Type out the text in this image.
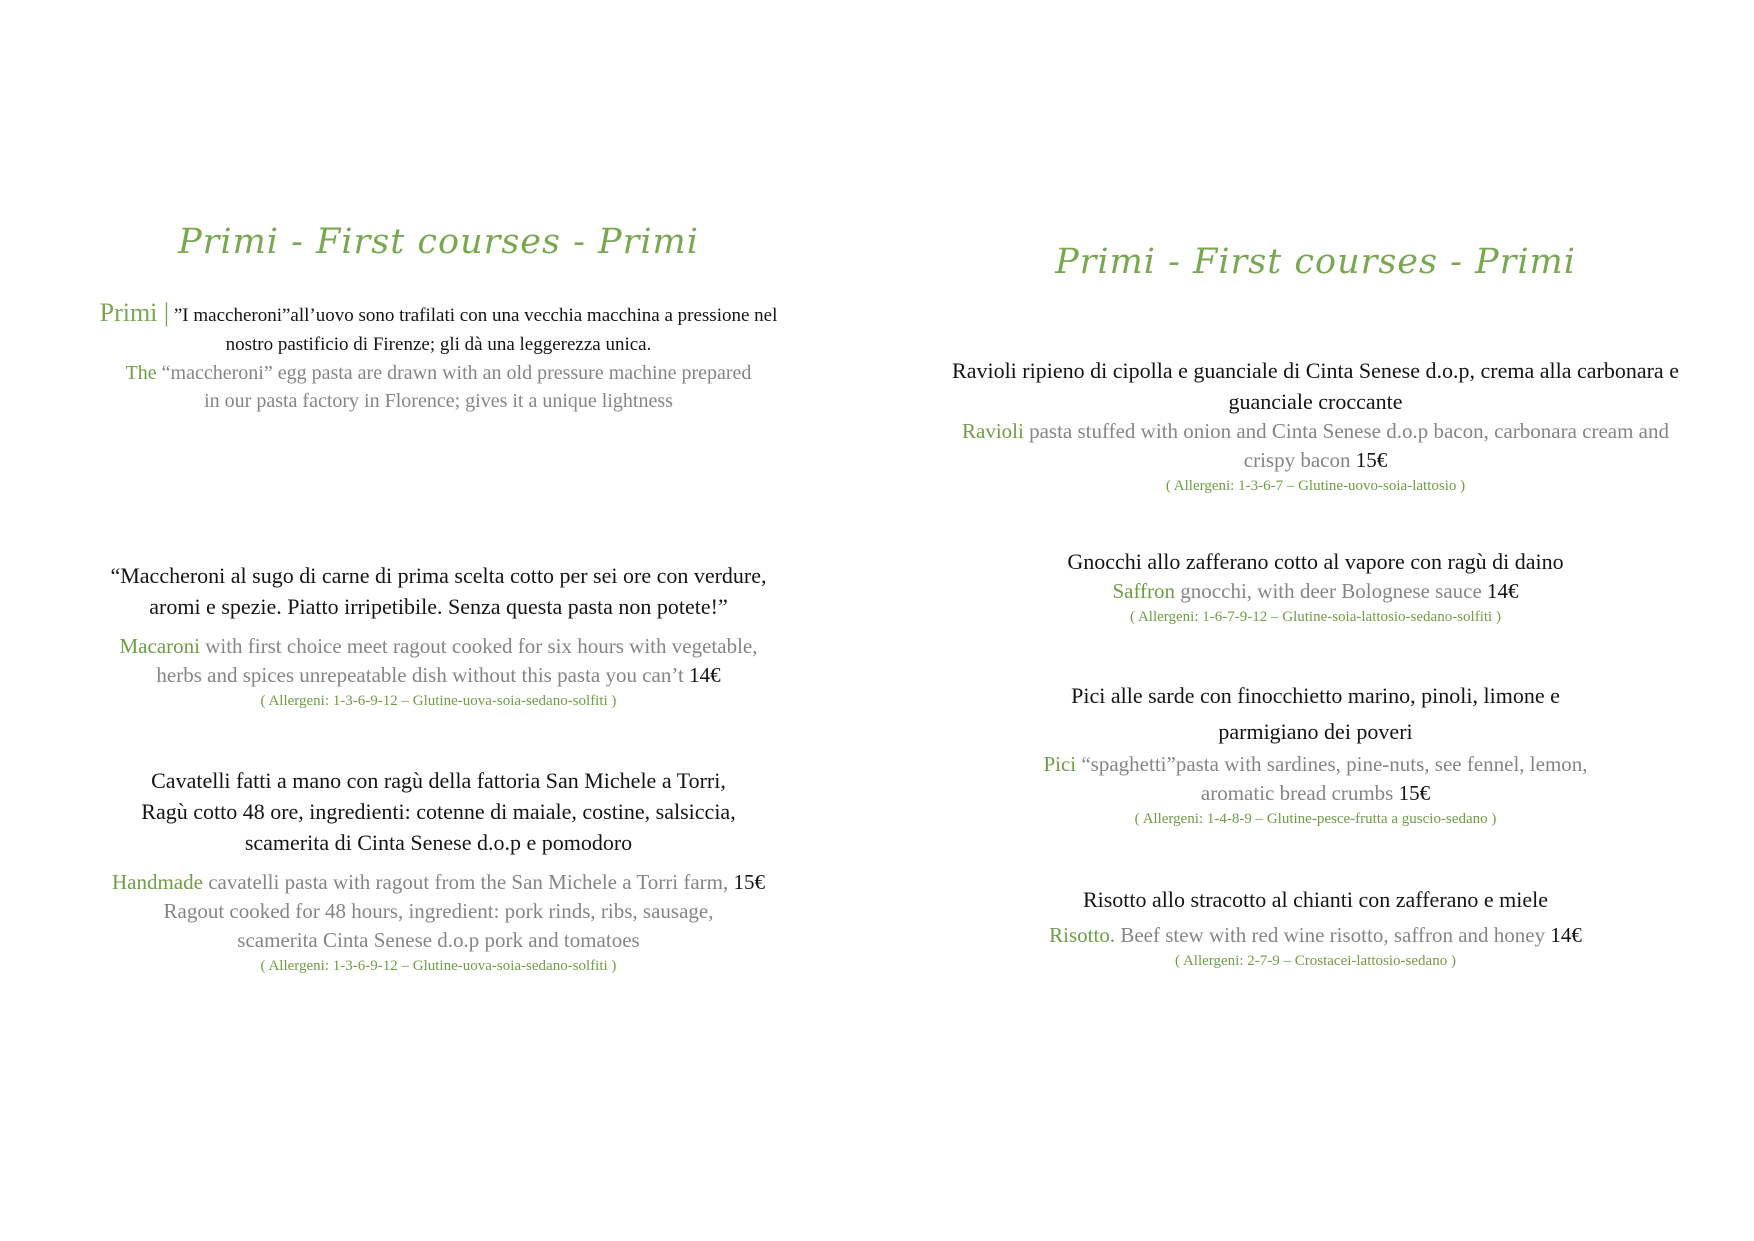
Primi - First courses - Primi
Primi | ”I maccheroni”all’uovo sono trafilati con una vecchia macchina a pressione nel
nostro pastificio di Firenze; gli dà una leggerezza unica.
The “maccheroni” egg pasta are drawn with an old pressure machine prepared
in our pasta factory in Florence; gives it a unique lightness
“Maccheroni al sugo di carne di prima scelta cotto per sei ore con verdure,
aromi e spezie. Piatto irripetibile. Senza questa pasta non potete!”
Macaroni with first choice meet ragout cooked for six hours with vegetable,
herbs and spices unrepeatable dish without this pasta you can’t 14€
( Allergeni: 1-3-6-9-12 – Glutine-uova-soia-sedano-solfiti )
Cavatelli fatti a mano con ragù della fattoria San Michele a Torri,
Ragù cotto 48 ore, ingredienti: cotenne di maiale, costine, salsiccia,
scamerita di Cinta Senese d.o.p e pomodoro
Handmade cavatelli pasta with ragout from the San Michele a Torri farm, 15€
Ragout cooked for 48 hours, ingredient: pork rinds, ribs, sausage,
scamerita Cinta Senese d.o.p pork and tomatoes
( Allergeni: 1-3-6-9-12 – Glutine-uova-soia-sedano-solfiti )
Primi - First courses - Primi
Ravioli ripieno di cipolla e guanciale di Cinta Senese d.o.p, crema alla carbonara e
guanciale croccante
Ravioli pasta stuffed with onion and Cinta Senese d.o.p bacon, carbonara cream and
crispy bacon 15€
( Allergeni: 1-3-6-7 – Glutine-uovo-soia-lattosio )
Gnocchi allo zafferano cotto al vapore con ragù di daino
Saffron gnocchi, with deer Bolognese sauce 14€
( Allergeni: 1-6-7-9-12 – Glutine-soia-lattosio-sedano-solfiti )
Pici alle sarde con finocchietto marino, pinoli, limone e
parmigiano dei poveri
Pici “spaghetti”pasta with sardines, pine-nuts, see fennel, lemon,
aromatic bread crumbs 15€
( Allergeni: 1-4-8-9 – Glutine-pesce-frutta a guscio-sedano )
Risotto allo stracotto al chianti con zafferano e miele
Risotto. Beef stew with red wine risotto, saffron and honey 14€
( Allergeni: 2-7-9 – Crostacei-lattosio-sedano )
